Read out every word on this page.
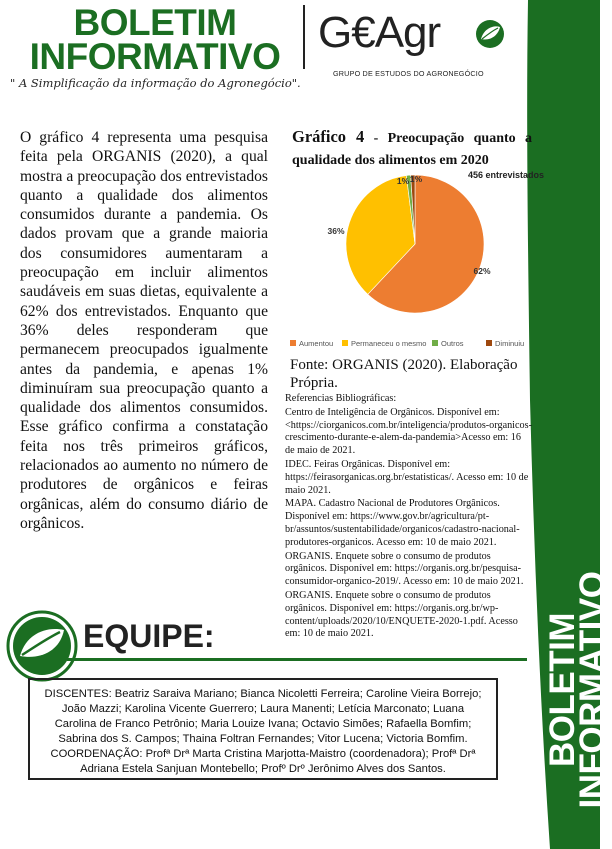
BOLETIM
INFORMATIVO
BOLETIM
INFORMATIVO
" A Simplificação da informação do Agronegócio".
G€Agr
GRUPO DE ESTUDOS DO AGRONEGÓCIO
O gráfico 4 representa uma pesquisa feita pela ORGANIS (2020), a qual mostra a preocupação dos entrevistados quanto a qualidade dos alimentos consumidos durante a pandemia. Os dados provam que a grande maioria dos consumidores aumentaram a preocupação em incluir alimentos saudáveis em suas dietas, equivalente a 62% dos entrevistados. Enquanto que 36% deles responderam que permanecem preocupados igualmente antes da pandemia, e apenas 1% diminuíram sua preocupação quanto a qualidade dos alimentos consumidos. Esse gráfico confirma a constatação feita nos três primeiros gráficos, relacionados ao aumento no número de produtores de orgânicos e feiras orgânicas, além do consumo diário de orgânicos.
Gráfico 4 - Preocupação quanto a qualidade dos alimentos em 2020
456 entrevistados
62%
36%
1% 1%
Aumentou Permaneceu o mesmo Outros	Diminuiu
Fonte: ORGANIS (2020). Elaboração Própria.

Referencias Bibliográficas:

Centro de Inteligência de Orgânicos. Disponível em: <https://ciorganicos.com.br/inteligencia/produtos-organicos-crescimento-durante-e-alem-da-pandemia>Acesso em: 16 de maio de 2021.

IDEC. Feiras Orgânicas. Disponível em: https://feirasorganicas.org.br/estatisticas/. Acesso em: 10 de maio 2021.

MAPA. Cadastro Nacional de Produtores Orgânicos. Disponível em: https://www.gov.br/agricultura/pt-br/assuntos/sustentabilidade/organicos/cadastro-nacional-produtores-organicos. Acesso em: 10 de maio 2021.

ORGANIS. Enquete sobre o consumo de produtos orgânicos. Disponível em: https://organis.org.br/pesquisa-consumidor-organico-2019/. Acesso em: 10 de maio 2021.

ORGANIS. Enquete sobre o consumo de produtos orgânicos. Disponível em: https://organis.org.br/wp-content/uploads/2020/10/ENQUETE-2020-1.pdf. Acesso em: 10 de maio 2021.

EQUIPE:
DISCENTES: Beatriz Saraiva Mariano; Bianca Nicoletti Ferreira; Caroline Vieira Borrejo;
João Mazzi; Karolina Vicente Guerrero; Laura Manenti; Letícia Marconato; Luana
Carolina de Franco Petrônio; Maria Louize Ivana; Octavio Simões; Rafaella Bomfim;
Sabrina dos S. Campos; Thaina Foltran Fernandes; Vitor Lucena; Victoria Bomfim.
COORDENAÇÃO: Profª Drª Marta Cristina Marjotta-Maistro (coordenadora); Profª Drª
Adriana Estela Sanjuan Montebello; Profº Drº Jerônimo Alves dos Santos.
